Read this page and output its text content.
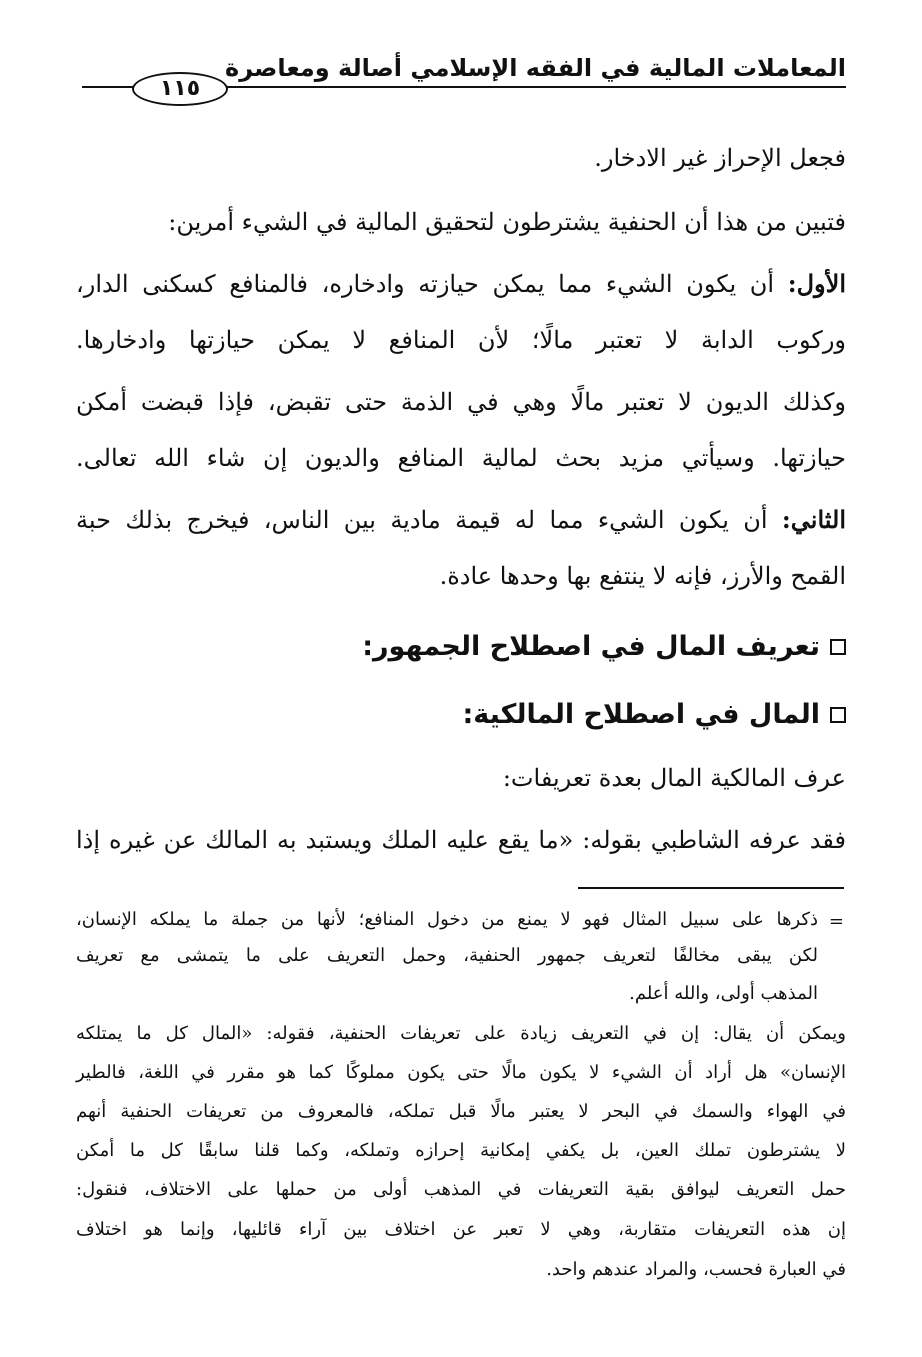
المعاملات المالية في الفقه الإسلامي أصالة ومعاصرة
١١٥

فجعل الإحراز غير الادخار.

فتبين من هذا أن الحنفية يشترطون لتحقيق المالية في الشيء أمرين:

الأول: أن يكون الشيء مما يمكن حيازته وادخاره، فالمنافع كسكنى الدار،

وركوب الدابة لا تعتبر مالًا؛ لأن المنافع لا يمكن حيازتها وادخارها.

وكذلك الديون لا تعتبر مالًا وهي في الذمة حتى تقبض، فإذا قبضت أمكن

حيازتها. وسيأتي مزيد بحث لمالية المنافع والديون إن شاء الله تعالى.

الثاني: أن يكون الشيء مما له قيمة مادية بين الناس، فيخرج بذلك حبة

القمح والأرز، فإنه لا ينتفع بها وحدها عادة.

تعريف المال في اصطلاح الجمهور:
المال في اصطلاح المالكية:

عرف المالكية المال بعدة تعريفات:

فقد عرفه الشاطبي بقوله: «ما يقع عليه الملك ويستبد به المالك عن غيره إذا

=

ذكرها على سبيل المثال فهو لا يمنع من دخول المنافع؛ لأنها من جملة ما يملكه الإنسان،

لكن يبقى مخالفًا لتعريف جمهور الحنفية، وحمل التعريف على ما يتمشى مع تعريف

المذهب أولى، والله أعلم.

ويمكن أن يقال: إن في التعريف زيادة على تعريفات الحنفية، فقوله: «المال كل ما يمتلكه

الإنسان» هل أراد أن الشيء لا يكون مالًا حتى يكون مملوكًا كما هو مقرر في اللغة، فالطير

في الهواء والسمك في البحر لا يعتبر مالًا قبل تملكه، فالمعروف من تعريفات الحنفية أنهم

لا يشترطون تملك العين، بل يكفي إمكانية إحرازه وتملكه، وكما قلنا سابقًا كل ما أمكن

حمل التعريف ليوافق بقية التعريفات في المذهب أولى من حملها على الاختلاف، فنقول:

إن هذه التعريفات متقاربة، وهي لا تعبر عن اختلاف بين آراء قائليها، وإنما هو اختلاف

في العبارة فحسب، والمراد عندهم واحد.
